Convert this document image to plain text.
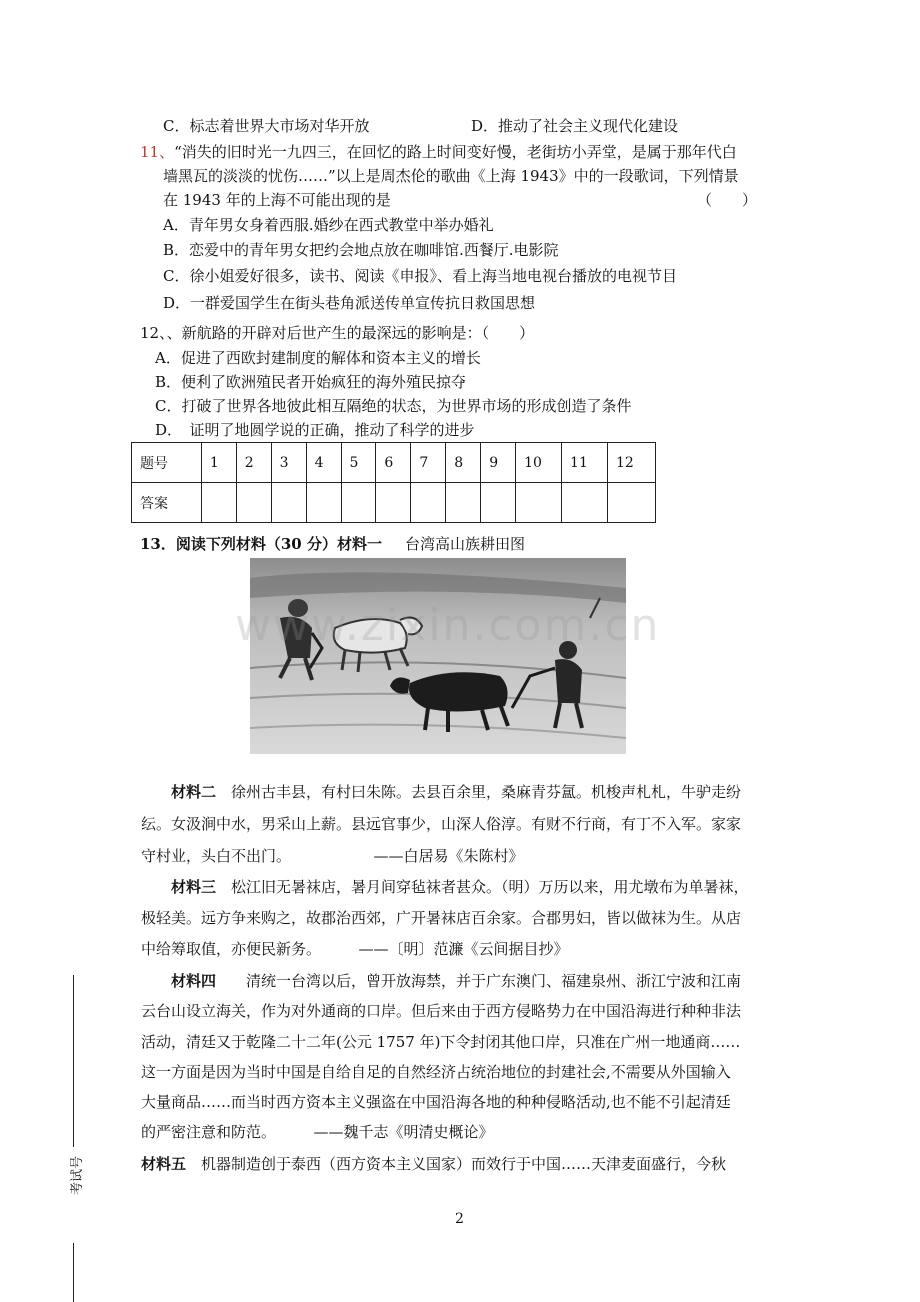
C．标志着世界大市场对华开放	D．推动了社会主义现代化建设
11、“消失的旧时光一九四三，在回忆的路上时间变好慢，老街坊小弄堂，是属于那年代白
墙黑瓦的淡淡的忧伤……”以上是周杰伦的歌曲《上海 1943》中的一段歌词，下列情景
在 1943 年的上海不可能出现的是	（　　）
A．青年男女身着西服.婚纱在西式教堂中举办婚礼
B．恋爱中的青年男女把约会地点放在咖啡馆.西餐厅.电影院
C．徐小姐爱好很多，读书、阅读《申报》、看上海当地电视台播放的电视节目
D．一群爱国学生在街头巷角派送传单宣传抗日救国思想
12、、新航路的开辟对后世产生的最深远的影响是：（　　）
A．促进了西欧封建制度的解体和资本主义的增长
B．便利了欧洲殖民者开始疯狂的海外殖民掠夺
C．打破了世界各地彼此相互隔绝的状态，为世界市场的形成创造了条件
D．　证明了地圆学说的正确，推动了科学的进步
题号	1	2	3	4	5	6	7	8	9	10	11	12
答案												
13．阅读下列材料（30 分）材料一 台湾高山族耕田图
www.zixin.com.cn
材料二　 徐州古丰县，有村曰朱陈。去县百余里，桑麻青芬氲。机梭声札札，牛驴走纷
纭。女汲涧中水，男采山上薪。县远官事少，山深人俗淳。有财不行商，有丁不入军。家家
守村业，头白不出门。　　　　　　——白居易《朱陈村》
材料三　 松江旧无暑袜店，暑月间穿毡袜者甚众。（明）万历以来，用尤墩布为单暑袜，
极轻美。远方争来购之，故郡治西郊，广开暑袜店百余家。合郡男妇，皆以做袜为生。从店
中给筹取值，亦便民新务。　　　——〔明〕范濂《云间据目抄》
材料四　　 清统一台湾以后，曾开放海禁，并于广东澳门、福建泉州、浙江宁波和江南
云台山设立海关，作为对外通商的口岸。但后来由于西方侵略势力在中国沿海进行种种非法
活动，清廷又于乾隆二十二年(公元 1757 年)下令封闭其他口岸，只准在广州一地通商……
这一方面是因为当时中国是自给自足的自然经济占统治地位的封建社会,不需要从外国输入
大量商品……而当时西方资本主义强盗在中国沿海各地的种种侵略活动,也不能不引起清廷
的严密注意和防范。　　　——魏千志《明清史概论》
材料五　 机器制造创于泰西（西方资本主义国家）而效行于中国……天津麦面盛行，今秋
考试号
2
